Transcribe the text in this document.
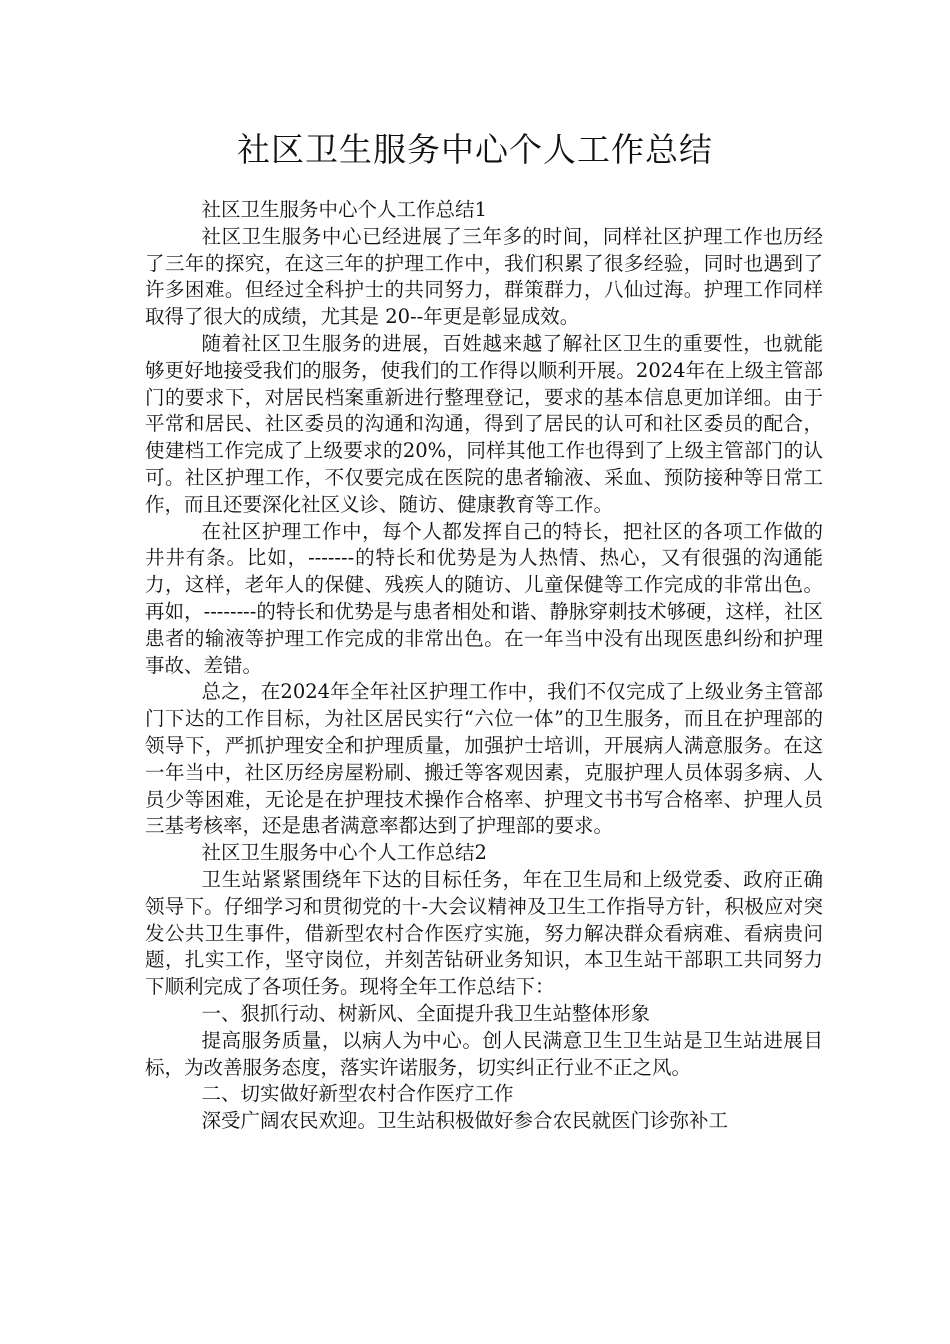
社区卫生服务中心个人工作总结

社区卫生服务中心个人工作总结1

社区卫生服务中心已经进展了三年多的时间，同样社区护理工作也历经了三年的探究，在这三年的护理工作中，我们积累了很多经验，同时也遇到了许多困难。但经过全科护士的共同努力，群策群力，八仙过海。护理工作同样取得了很大的成绩，尤其是 20--年更是彰显成效。

随着社区卫生服务的进展，百姓越来越了解社区卫生的重要性，也就能够更好地接受我们的服务，使我们的工作得以顺利开展。2024年在上级主管部门的要求下，对居民档案重新进行整理登记，要求的基本信息更加详细。由于平常和居民、社区委员的沟通和沟通，得到了居民的认可和社区委员的配合，使建档工作完成了上级要求的20%，同样其他工作也得到了上级主管部门的认可。社区护理工作，不仅要完成在医院的患者输液、采血、预防接种等日常工作，而且还要深化社区义诊、随访、健康教育等工作。

在社区护理工作中，每个人都发挥自己的特长，把社区的各项工作做的井井有条。比如，-------的特长和优势是为人热情、热心，又有很强的沟通能力，这样，老年人的保健、残疾人的随访、儿童保健等工作完成的非常出色。再如，--------的特长和优势是与患者相处和谐、静脉穿刺技术够硬，这样，社区患者的输液等护理工作完成的非常出色。在一年当中没有出现医患纠纷和护理事故、差错。

总之，在2024年全年社区护理工作中，我们不仅完成了上级业务主管部门下达的工作目标，为社区居民实行“六位一体”的卫生服务，而且在护理部的领导下，严抓护理安全和护理质量，加强护士培训，开展病人满意服务。在这一年当中，社区历经房屋粉刷、搬迁等客观因素，克服护理人员体弱多病、人员少等困难，无论是在护理技术操作合格率、护理文书书写合格率、护理人员三基考核率，还是患者满意率都达到了护理部的要求。

社区卫生服务中心个人工作总结2

卫生站紧紧围绕年下达的目标任务，年在卫生局和上级党委、政府正确领导下。仔细学习和贯彻党的十-大会议精神及卫生工作指导方针，积极应对突发公共卫生事件，借新型农村合作医疗实施，努力解决群众看病难、看病贵问题，扎实工作，坚守岗位，并刻苦钻研业务知识，本卫生站干部职工共同努力下顺利完成了各项任务。现将全年工作总结下：

一、狠抓行动、树新风、全面提升我卫生站整体形象

提高服务质量，以病人为中心。创人民满意卫生卫生站是卫生站进展目标，为改善服务态度，落实许诺服务，切实纠正行业不正之风。

二、切实做好新型农村合作医疗工作

深受广阔农民欢迎。卫生站积极做好参合农民就医门诊弥补工
